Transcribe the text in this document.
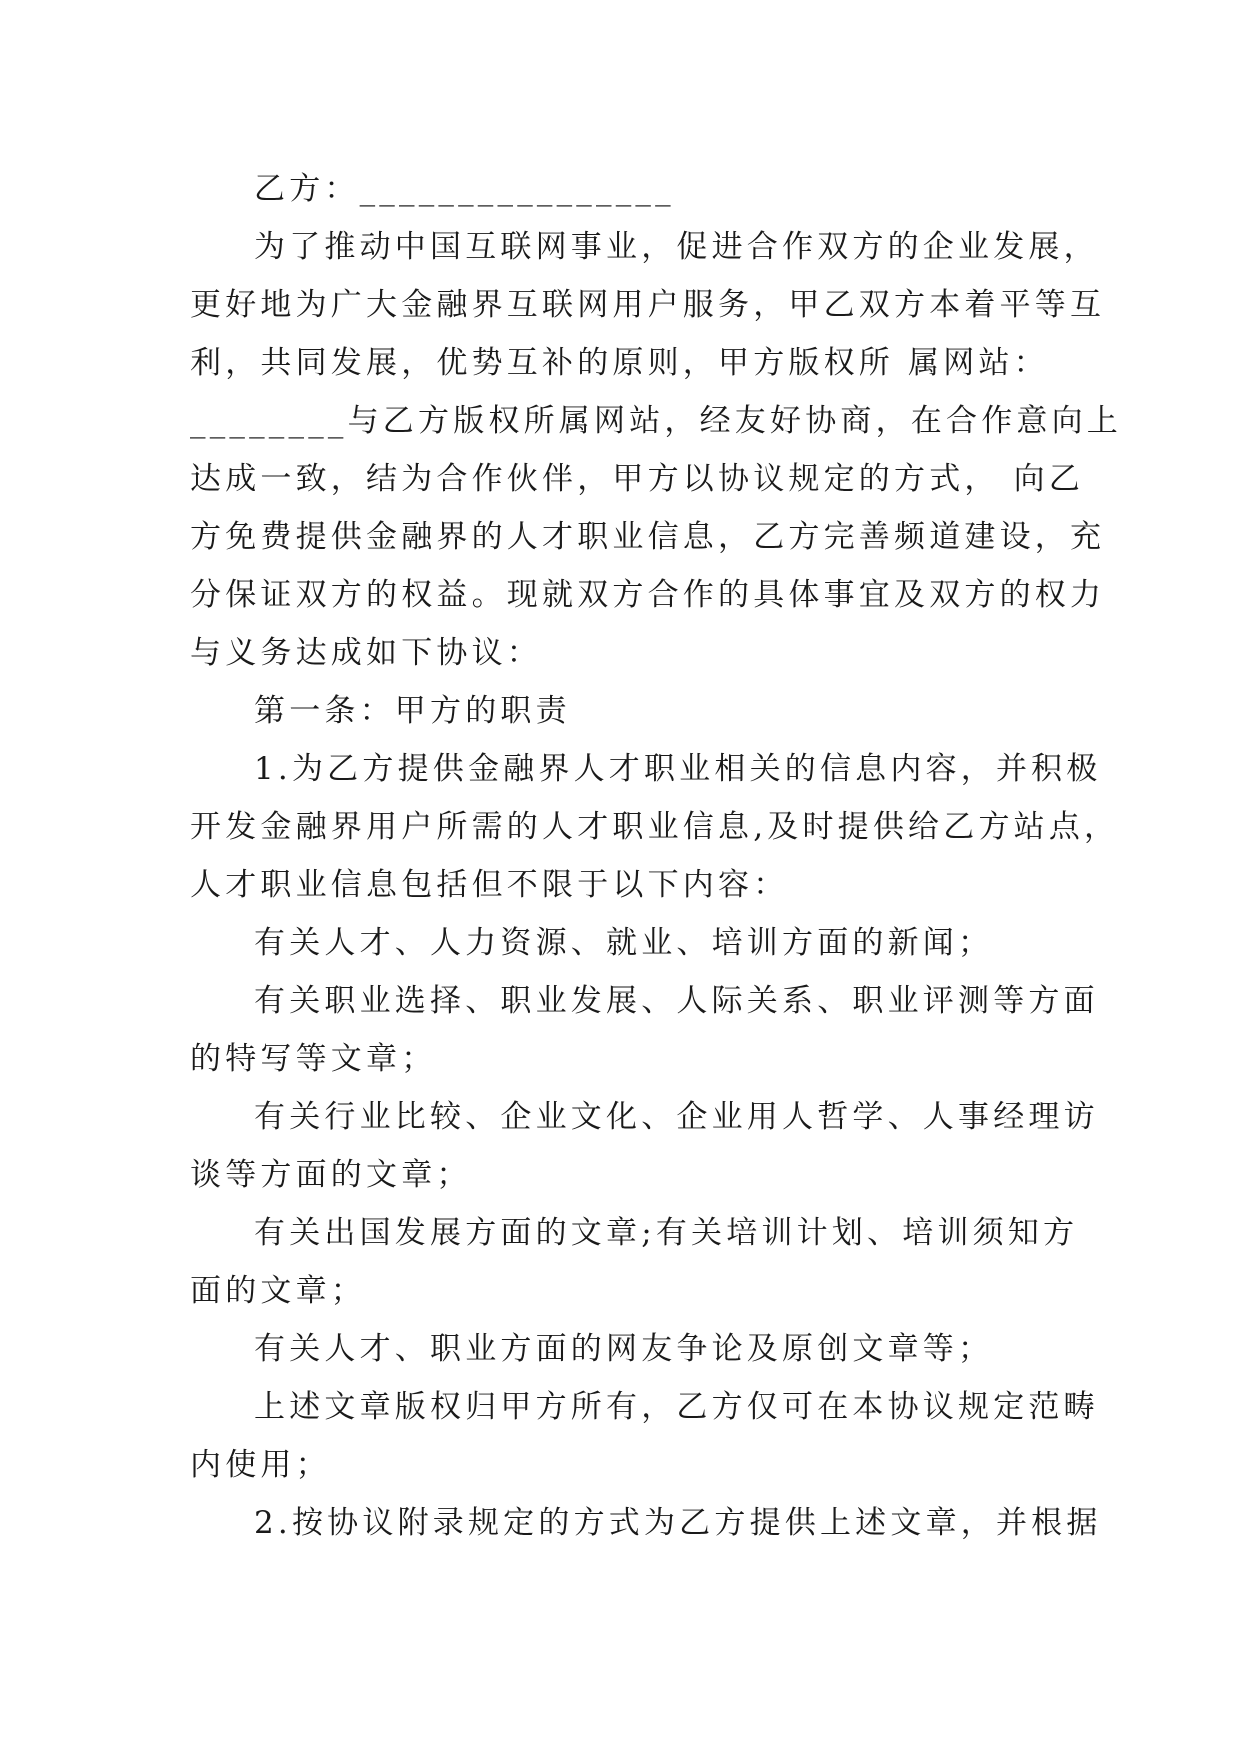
乙方：________________
为了推动中国互联网事业，促进合作双方的企业发展，
更好地为广大金融界互联网用户服务，甲乙双方本着平等互
利，共同发展，优势互补的原则，甲方版权所 属网站：
________与乙方版权所属网站，经友好协商，在合作意向上
达成一致，结为合作伙伴，甲方以协议规定的方式， 向乙
方免费提供金融界的人才职业信息，乙方完善频道建设，充
分保证双方的权益。现就双方合作的具体事宜及双方的权力
与义务达成如下协议：
第一条：甲方的职责
1.为乙方提供金融界人才职业相关的信息内容，并积极
开发金融界用户所需的人才职业信息,及时提供给乙方站点，
人才职业信息包括但不限于以下内容：
有关人才、人力资源、就业、培训方面的新闻；
有关职业选择、职业发展、人际关系、职业评测等方面
的特写等文章；
有关行业比较、企业文化、企业用人哲学、人事经理访
谈等方面的文章；
有关出国发展方面的文章;有关培训计划、培训须知方
面的文章；
有关人才、职业方面的网友争论及原创文章等；
上述文章版权归甲方所有，乙方仅可在本协议规定范畴
内使用；
2.按协议附录规定的方式为乙方提供上述文章，并根据
